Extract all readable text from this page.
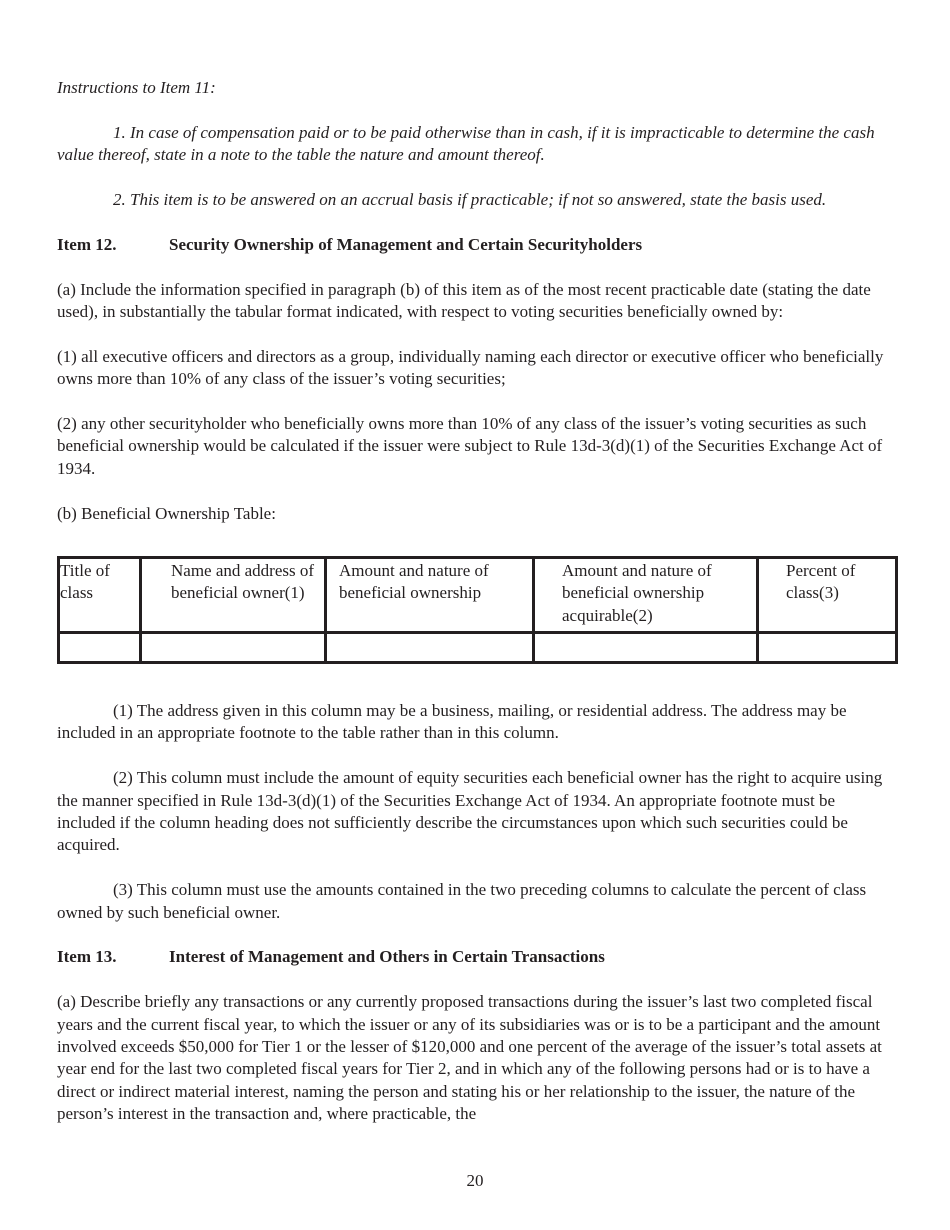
Instructions to Item 11:

1. In case of compensation paid or to be paid otherwise than in cash, if it is impracticable to determine the cash value thereof, state in a note to the table the nature and amount thereof.

2. This item is to be answered on an accrual basis if practicable; if not so answered, state the basis used.

Item 12.	Security Ownership of Management and Certain Securityholders

(a) Include the information specified in paragraph (b) of this item as of the most recent practicable date (stating the date used), in substantially the tabular format indicated, with respect to voting securities beneficially owned by:

(1) all executive officers and directors as a group, individually naming each director or executive officer who beneficially owns more than 10% of any class of the issuer’s voting securities;

(2) any other securityholder who beneficially owns more than 10% of any class of the issuer’s voting securities as such beneficial ownership would be calculated if the issuer were subject to Rule 13d-3(d)(1) of the Securities Exchange Act of 1934.

(b) Beneficial Ownership Table:

Title of class	Name and address of beneficial owner(1)	Amount and nature of beneficial ownership	Amount and nature of beneficial ownership acquirable(2)	Percent of class(3)

(1) The address given in this column may be a business, mailing, or residential address. The address may be included in an appropriate footnote to the table rather than in this column.

(2) This column must include the amount of equity securities each beneficial owner has the right to acquire using the manner specified in Rule 13d-3(d)(1) of the Securities Exchange Act of 1934. An appropriate footnote must be included if the column heading does not sufficiently describe the circumstances upon which such securities could be acquired.

(3) This column must use the amounts contained in the two preceding columns to calculate the percent of class owned by such beneficial owner.

Item 13.	Interest of Management and Others in Certain Transactions

(a) Describe briefly any transactions or any currently proposed transactions during the issuer’s last two completed fiscal years and the current fiscal year, to which the issuer or any of its subsidiaries was or is to be a participant and the amount involved exceeds $50,000 for Tier 1 or the lesser of $120,000 and one percent of the average of the issuer’s total assets at year end for the last two completed fiscal years for Tier 2, and in which any of the following persons had or is to have a direct or indirect material interest, naming the person and stating his or her relationship to the issuer, the nature of the person’s interest in the transaction and, where practicable, the

20
